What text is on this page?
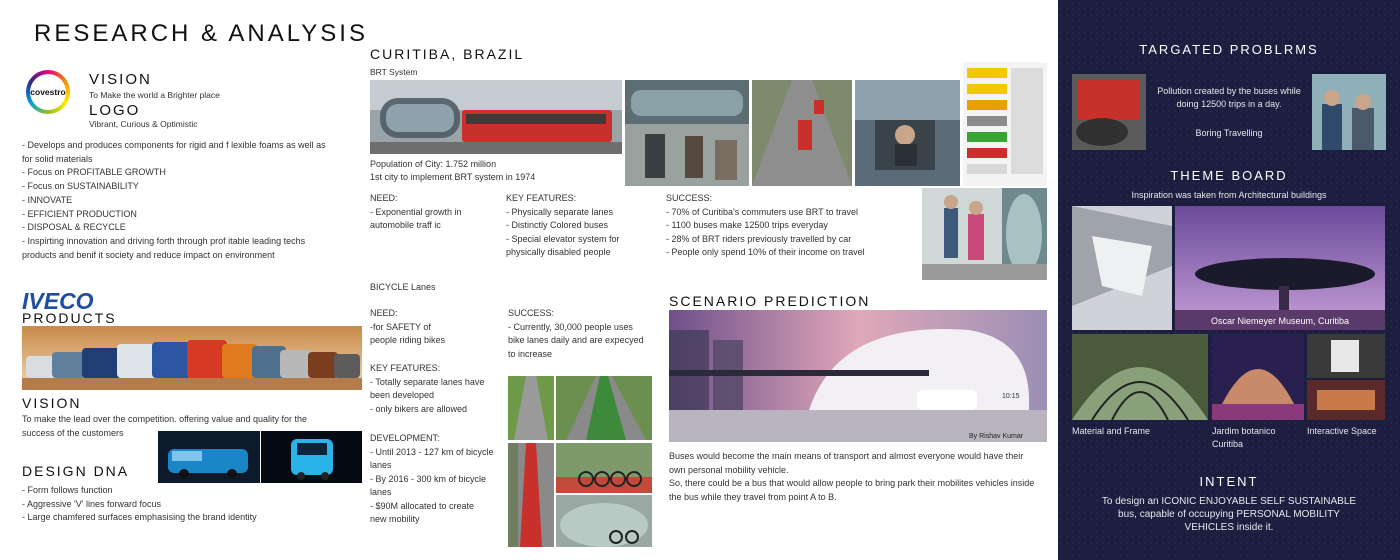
RESEARCH & ANALYSIS
covestro
VISION
To Make the world a Brighter place
LOGO
Vibrant, Curious & Optimistic
- Develops and produces components for rigid and f lexible foams as well as
for solid materials
- Focus on PROFITABLE GROWTH
- Focus on SUSTAINABILITY
- INNOVATE
- EFFICIENT PRODUCTION
- DISPOSAL & RECYCLE
- Inspirting innovation and driving forth through prof itable leading techs
products and benif it society and reduce impact on environment
IVECO
PRODUCTS
VISION
To make the lead over the competition. offering value and quality for the
success of the customers
DESIGN DNA
- Form follows function
- Aggressive 'V' lines forward focus
- Large chamfered surfaces emphasising the brand identity
CURITIBA, BRAZIL
BRT System
Population of City: 1.752 million
1st city to implement BRT system in 1974
NEED:
- Exponential growth in
automobile traff ic
KEY FEATURES:
- Physically separate lanes
- Distinctly Colored buses
- Special elevator system for
physically disabled people
SUCCESS:
- 70% of Curitiba's commuters use BRT to travel
- 1100 buses make 12500 trips everyday
- 28% of BRT riders previously travelled by car
- People only spend 10% of their income on travel
BICYCLE Lanes
NEED:
-for SAFETY of
people riding bikes
KEY FEATURES:
- Totally separate lanes have
been developed
- only bikers are allowed
DEVELOPMENT:
- Until 2013 - 127 km of bicycle
lanes
- By 2016 - 300 km of bicycle
lanes
- $90M allocated to create
new mobility
SUCCESS:
- Currently, 30,000 people uses
bike lanes daily and are expecyed
to increase
SCENARIO PREDICTION
10:15
By Rishav Kumar
Buses would become the main means of transport and almost everyone would have their
own personal mobility vehicle.
So, there could be a bus that would allow people to bring park their mobilites vehicles inside
the bus while they travel from point A to B.
TARGATED PROBLRMS
Pollution created by the buses while
doing 12500 trips in a day.
Boring Travelling
THEME BOARD
Inspiration was taken from Architectural buildings
Oscar Niemeyer Museum, Curitiba
Material and Frame	Jardim botanico
Curitiba
Interactive Space
INTENT
To design an ICONIC ENJOYABLE SELF SUSTAINABLE
bus, capable of occupying PERSONAL MOBILITY
VEHICLES inside it.
